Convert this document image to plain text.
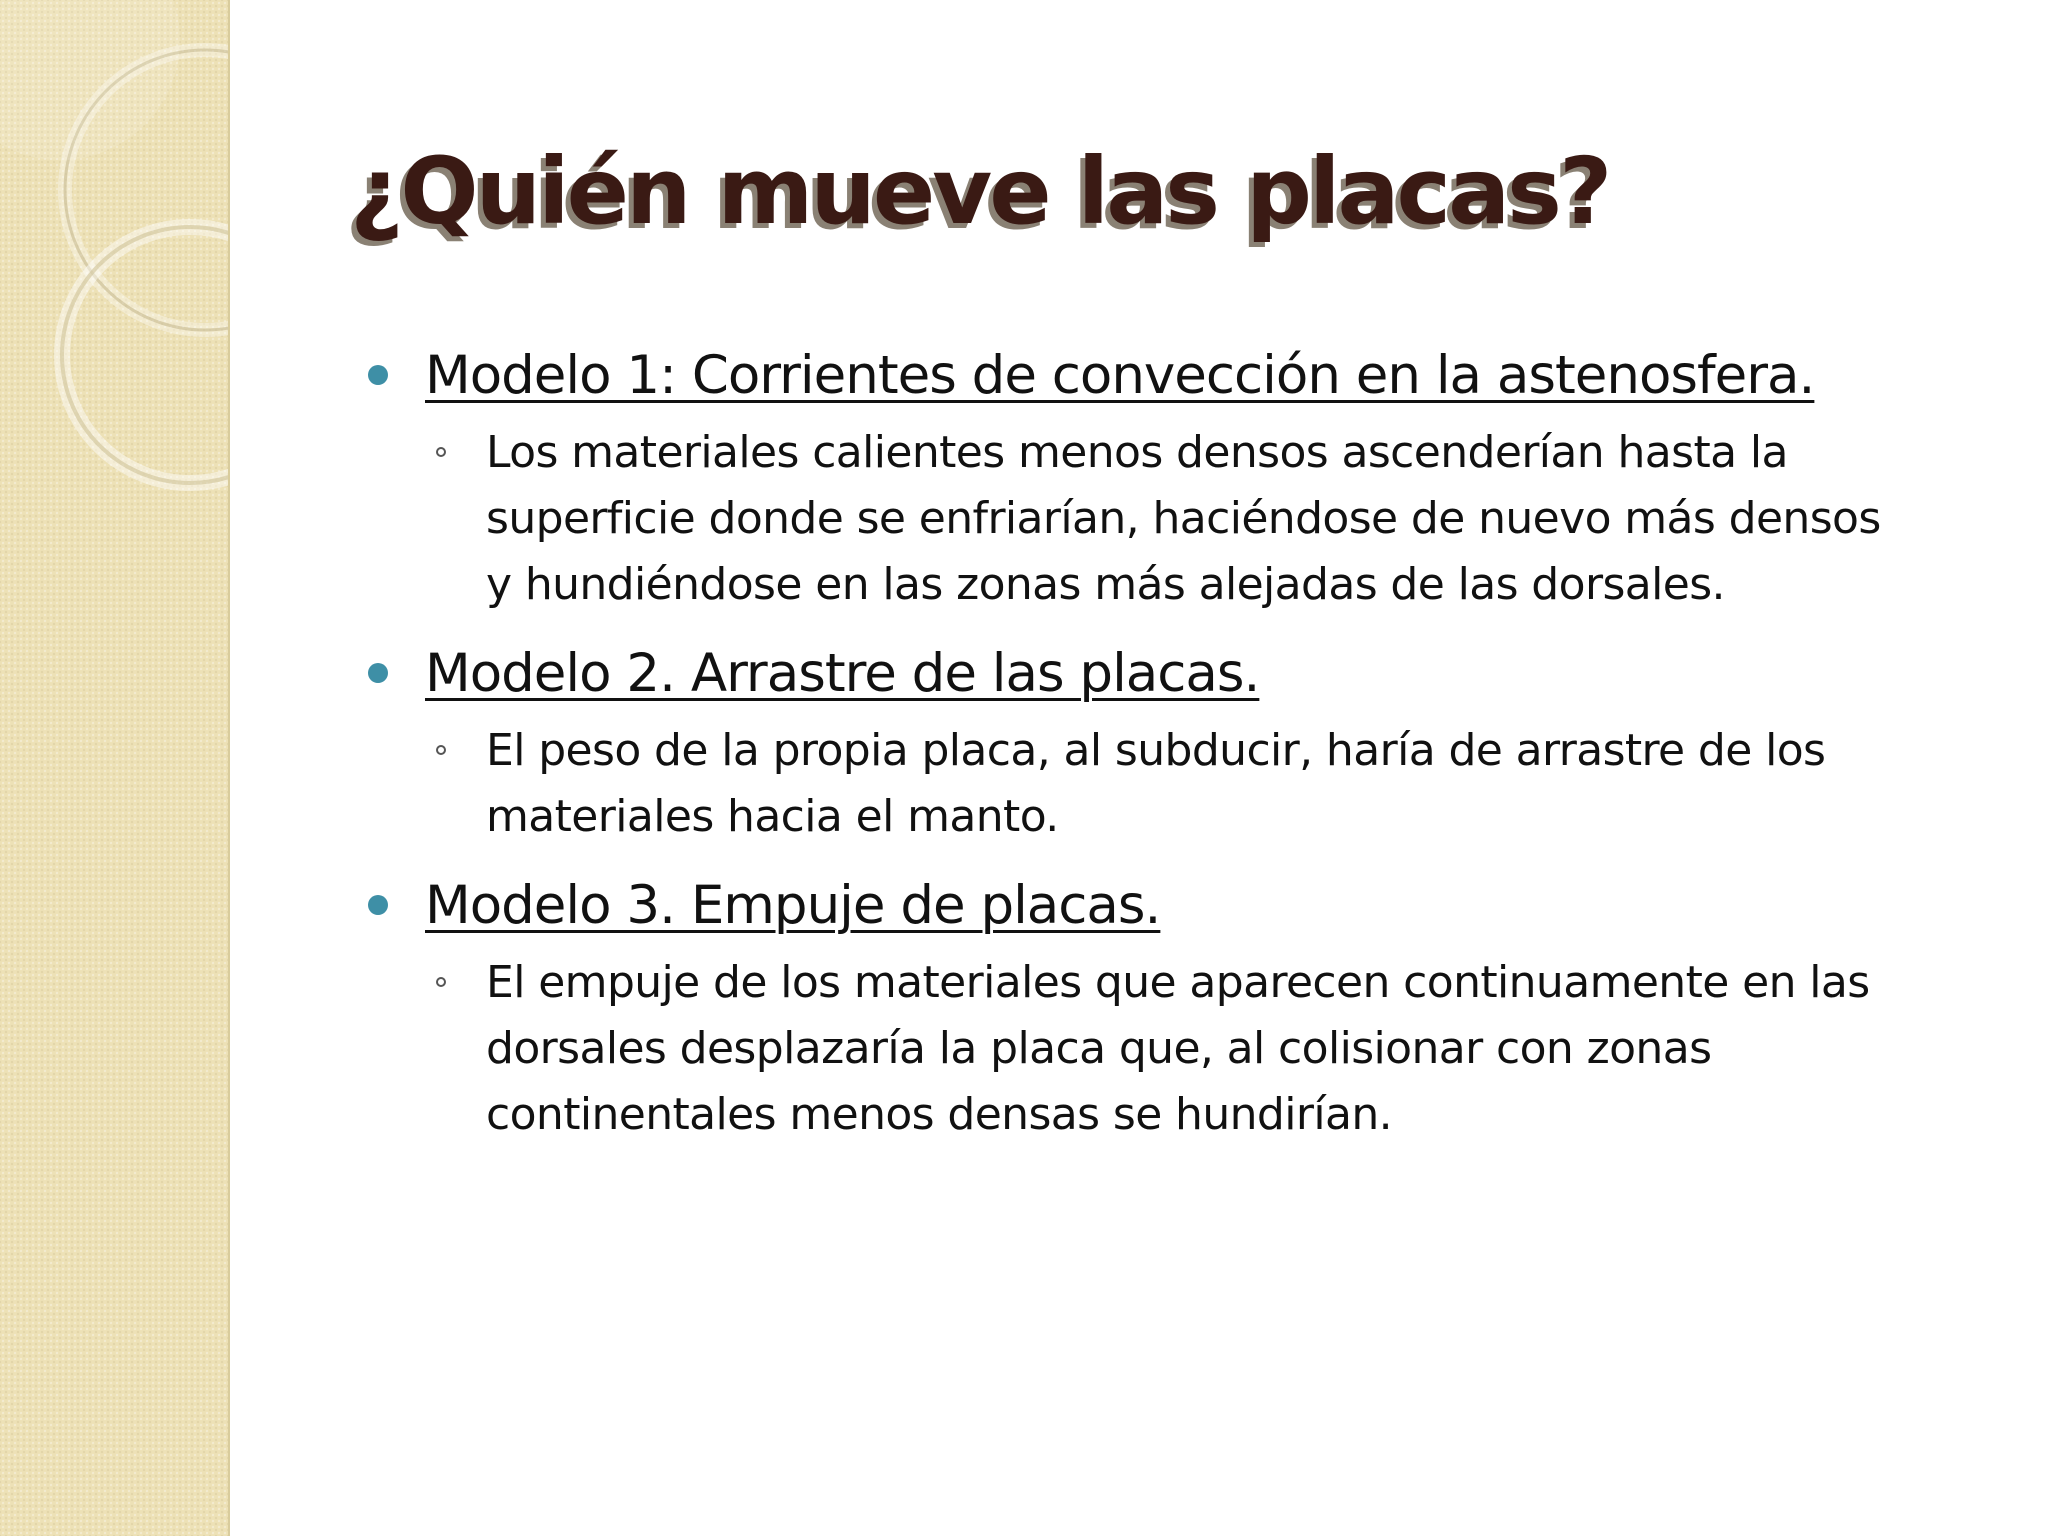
¿Quién mueve las placas?
Modelo 1: Corrientes de convección en la astenosfera.
Los materiales calientes menos densos ascenderían hasta la
superficie donde se enfriarían, haciéndose de nuevo más densos
y hundiéndose en las zonas más alejadas de las dorsales.
Modelo 2. Arrastre de las placas.
El peso de la propia placa, al subducir, haría de arrastre de los
materiales hacia el manto.
Modelo 3. Empuje de placas.
El empuje de los materiales que aparecen continuamente en las
dorsales desplazaría la placa que, al colisionar con zonas
continentales menos densas se hundirían.
